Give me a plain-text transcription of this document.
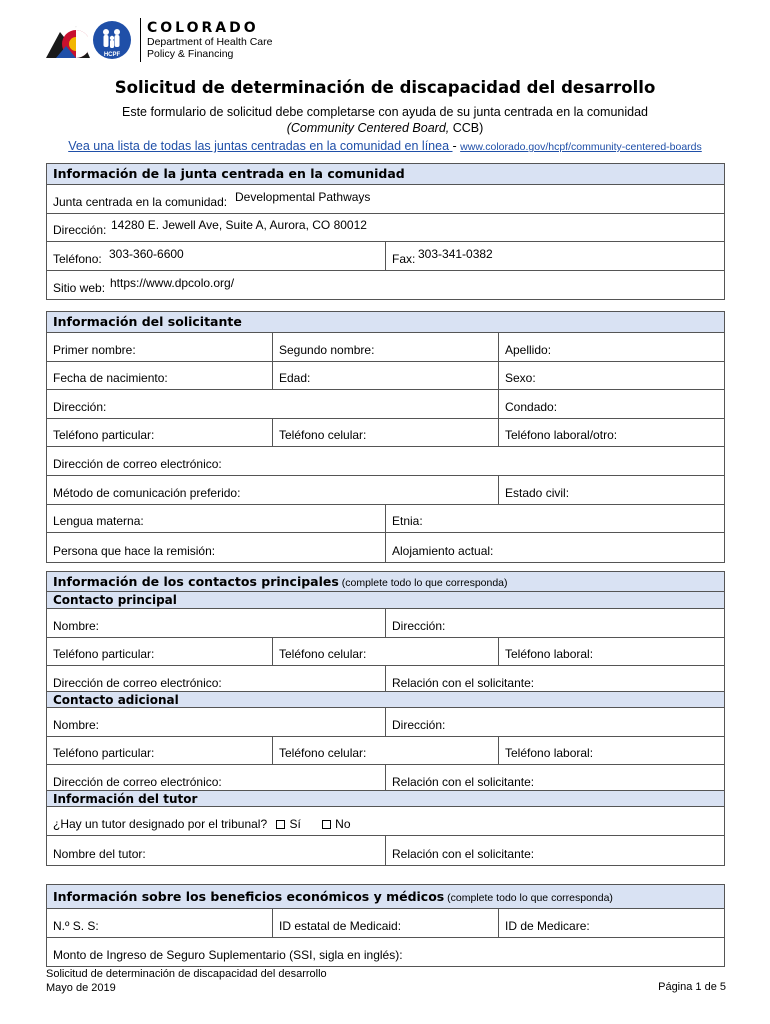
HCPF
COLORADO
Department of Health Care
Policy & Financing
Solicitud de determinación de discapacidad del desarrollo
Este formulario de solicitud debe completarse con ayuda de su junta centrada en la comunidad
(Community Centered Board, CCB)
Vea una lista de todas las juntas centradas en la comunidad en línea - www.colorado.gov/hcpf/community-centered-boards
Información de la junta centrada en la comunidad
Junta centrada en la comunidad: Developmental Pathways
Dirección: 14280 E. Jewell Ave, Suite A, Aurora, CO 80012
Teléfono: 303-360-6600	Fax: 303-341-0382
Sitio web: https://www.dpcolo.org/
Información del solicitante
Primer nombre:	Segundo nombre:	Apellido:
Fecha de nacimiento:	Edad:	Sexo:
Dirección:	Condado:
Teléfono particular:	Teléfono celular:	Teléfono laboral/otro:
Dirección de correo electrónico:
Método de comunicación preferido:	Estado civil:
Lengua materna:	Etnia:
Persona que hace la remisión:	Alojamiento actual:
Información de los contactos principales (complete todo lo que corresponda)
Contacto principal
Nombre:	Dirección:
Teléfono particular:	Teléfono celular:	Teléfono laboral:
Dirección de correo electrónico:	Relación con el solicitante:
Contacto adicional
Nombre:	Dirección:
Teléfono particular:	Teléfono celular:	Teléfono laboral:
Dirección de correo electrónico:	Relación con el solicitante:
Información del tutor
¿Hay un tutor designado por el tribunal? Sí	No
Nombre del tutor:	Relación con el solicitante:
Información sobre los beneficios económicos y médicos (complete todo lo que corresponda)
N.º S. S:	ID estatal de Medicaid:	ID de Medicare:
Monto de Ingreso de Seguro Suplementario (SSI, sigla en inglés):
Solicitud de determinación de discapacidad del desarrollo
Mayo de 2019	Página 1 de 5
